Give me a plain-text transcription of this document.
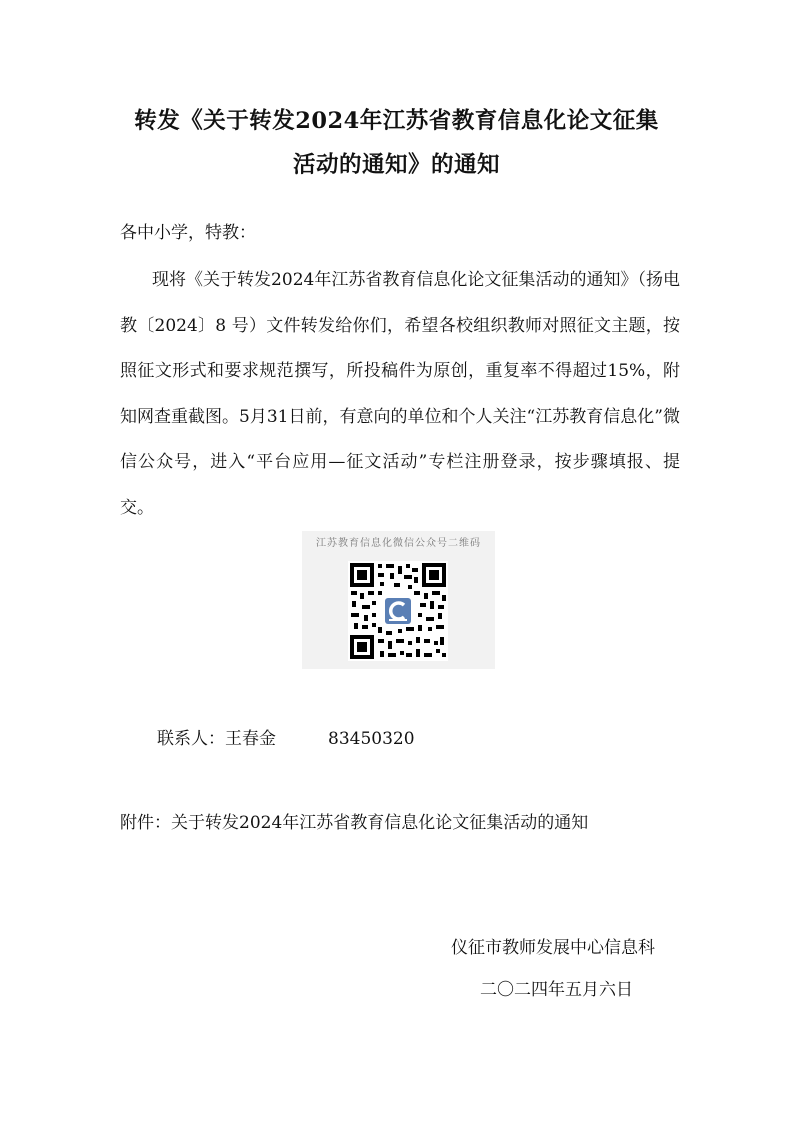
转发《关于转发2024年江苏省教育信息化论文征集
活动的通知》的通知

各中小学，特教：

现将《关于转发2024年江苏省教育信息化论文征集活动的通知》（扬电教〔2024〕8 号）文件转发给你们，希望各校组织教师对照征文主题，按照征文形式和要求规范撰写，所投稿件为原创，重复率不得超过15%，附知网查重截图。5月31日前，有意向的单位和个人关注“江苏教育信息化”微信公众号，进入“平台应用—征文活动”专栏注册登录，按步骤填报、提交。

江苏教育信息化微信公众号二维码

联系人：王春金	83450320

附件：关于转发2024年江苏省教育信息化论文征集活动的通知

仪征市教师发展中心信息科

二〇二四年五月六日
